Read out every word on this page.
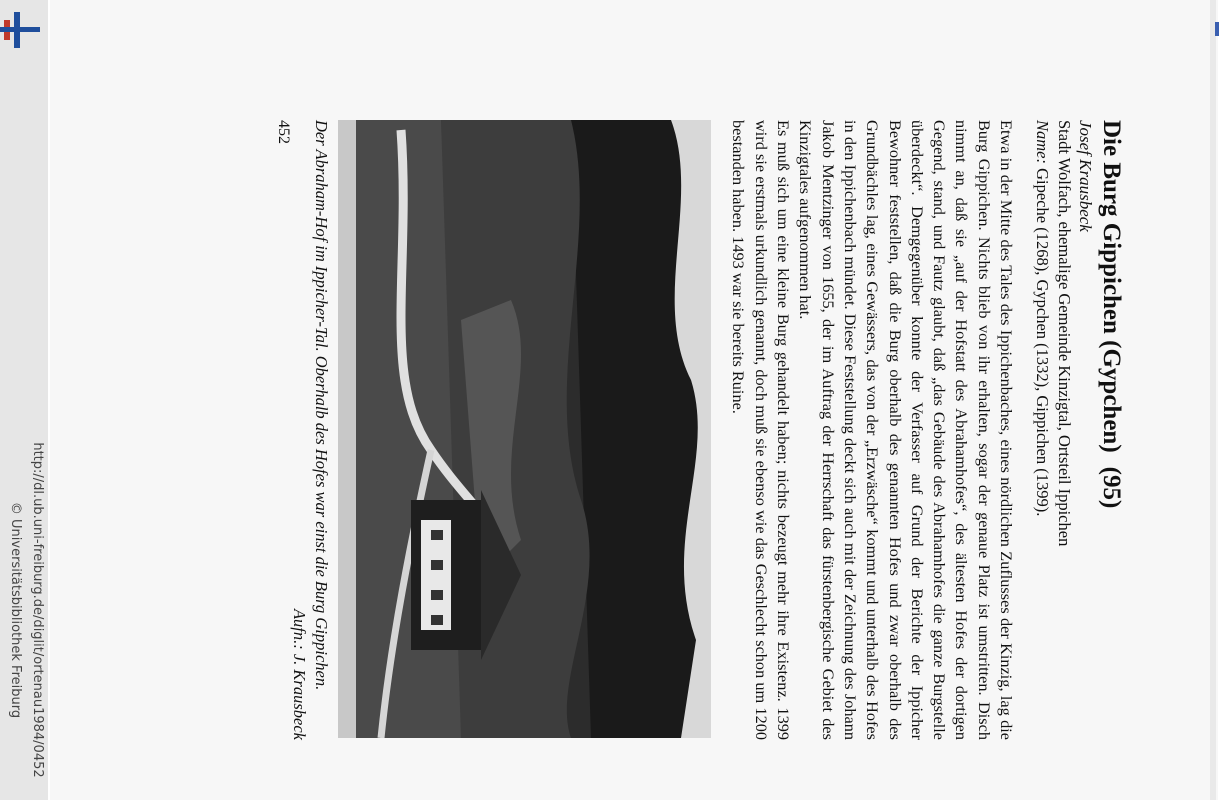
http://dl.ub.uni-freiburg.de/diglit/ortenau1984/0452
© Universitätsbibliothek Freiburg
Die Burg Gippichen (Gypchen)(95)

Josef Krausbeck

Stadt Wolfach, ehemalige Gemeinde Kinzigtal, Ortsteil Ippichen

Name: Gipeche (1268), Gypchen (1332), Gippichen (1399).

Etwa in der Mitte des Tales des Ippichenbaches, eines nördlichen Zuflusses der Kinzig, lag die Burg Gippichen. Nichts blieb von ihr erhalten, sogar der genaue Platz ist umstritten. Disch nimmt an, daß sie „auf der Hofstatt des Abrahamhofes“, des ältesten Hofes der dortigen Gegend, stand, und Fautz glaubt, daß „das Gebäude des Abrahamhofes die ganze Burgstelle überdeckt“. Demgegenüber konnte der Verfasser auf Grund der Berichte der Ippicher Bewohner feststellen, daß die Burg oberhalb des genannten Hofes und zwar oberhalb des Grundbächles lag, eines Gewässers, das von der „Erzwäsche“ kommt und unterhalb des Hofes in den Ippichenbach mündet. Diese Feststellung deckt sich auch mit der Zeichnung des Johann Jakob Mentzinger von 1655, der im Auftrag der Herrschaft das fürstenbergische Gebiet des Kinzigtales aufgenommen hat.

Es muß sich um eine kleine Burg gehandelt haben; nichts bezeugt mehr ihre Existenz. 1399 wird sie erstmals urkundlich genannt, doch muß sie ebenso wie das Geschlecht schon um 1200 bestanden haben. 1493 war sie bereits Ruine.

Der Abraham-Hof im Ippicher-Tal. Oberhalb des Hofes war einst die Burg Gippichen.
Aufn.: J. Krausbeck

452
